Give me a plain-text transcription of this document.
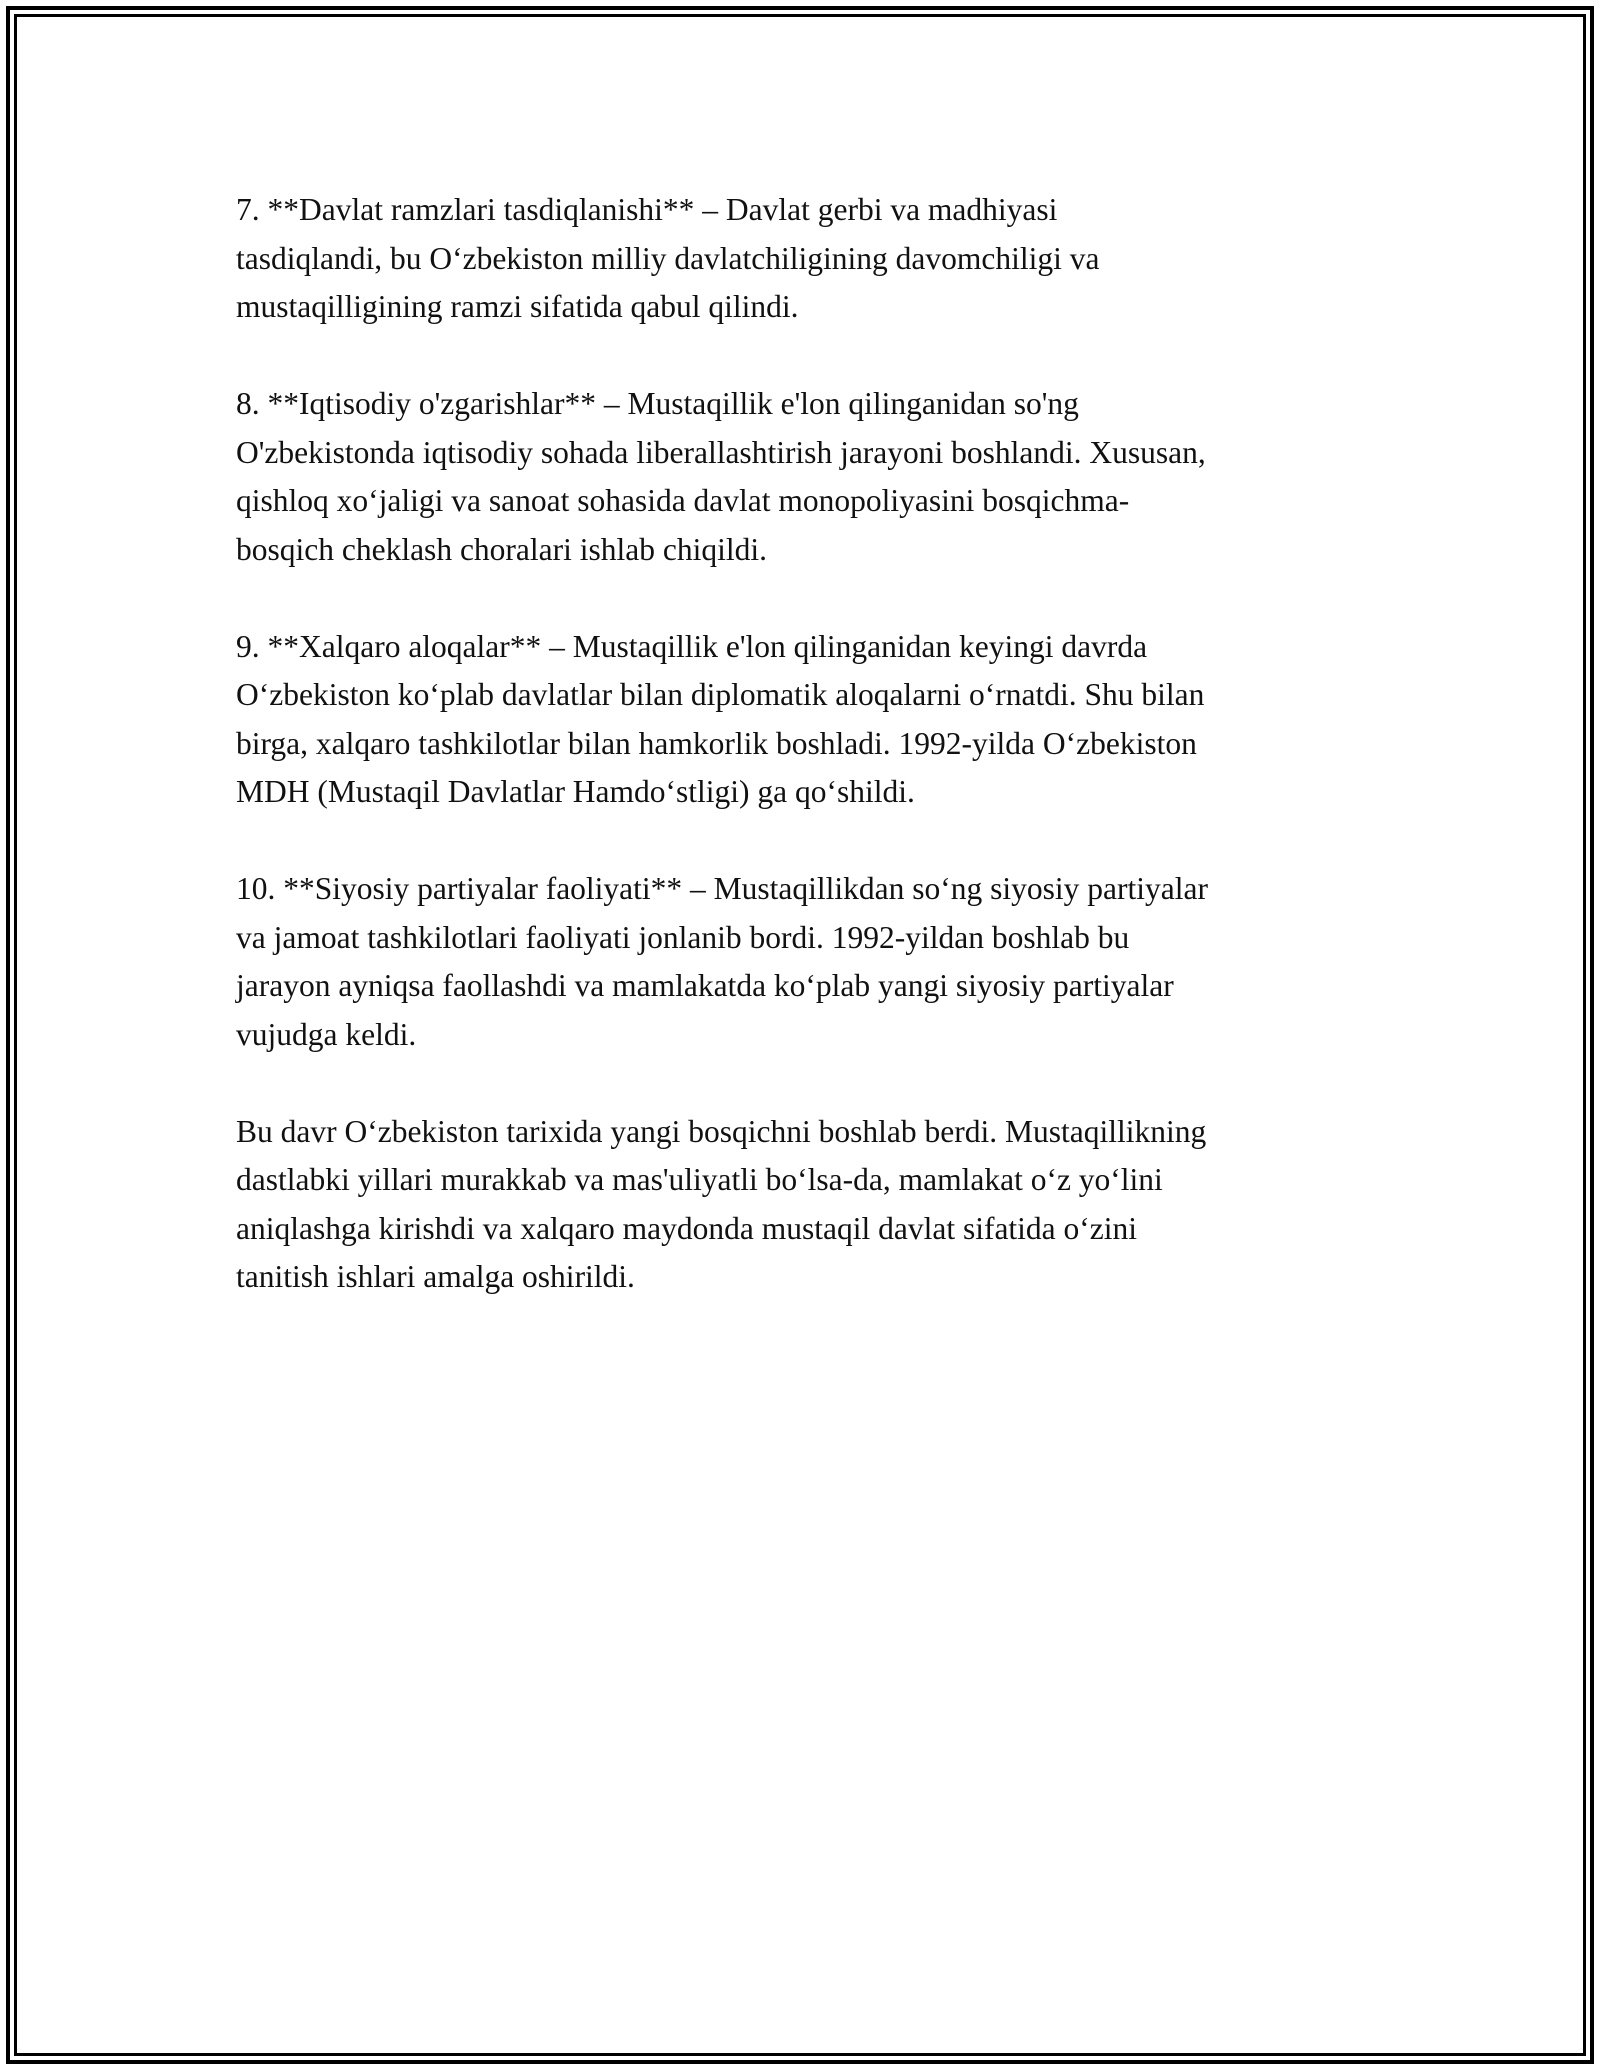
7. **Davlat ramzlari tasdiqlanishi** – Davlat gerbi va madhiyasi
tasdiqlandi, bu O‘zbekiston milliy davlatchiligining davomchiligi va
mustaqilligining ramzi sifatida qabul qilindi.

8. **Iqtisodiy o'zgarishlar** – Mustaqillik e'lon qilinganidan so'ng
O'zbekistonda iqtisodiy sohada liberallashtirish jarayoni boshlandi. Xususan,
qishloq xo‘jaligi va sanoat sohasida davlat monopoliyasini bosqichma-
bosqich cheklash choralari ishlab chiqildi.

9. **Xalqaro aloqalar** – Mustaqillik e'lon qilinganidan keyingi davrda
O‘zbekiston ko‘plab davlatlar bilan diplomatik aloqalarni o‘rnatdi. Shu bilan
birga, xalqaro tashkilotlar bilan hamkorlik boshladi. 1992-yilda O‘zbekiston
MDH (Mustaqil Davlatlar Hamdo‘stligi) ga qo‘shildi.

10. **Siyosiy partiyalar faoliyati** – Mustaqillikdan so‘ng siyosiy partiyalar
va jamoat tashkilotlari faoliyati jonlanib bordi. 1992-yildan boshlab bu
jarayon ayniqsa faollashdi va mamlakatda ko‘plab yangi siyosiy partiyalar
vujudga keldi.

Bu davr O‘zbekiston tarixida yangi bosqichni boshlab berdi. Mustaqillikning
dastlabki yillari murakkab va mas'uliyatli bo‘lsa-da, mamlakat o‘z yo‘lini
aniqlashga kirishdi va xalqaro maydonda mustaqil davlat sifatida o‘zini
tanitish ishlari amalga oshirildi.
